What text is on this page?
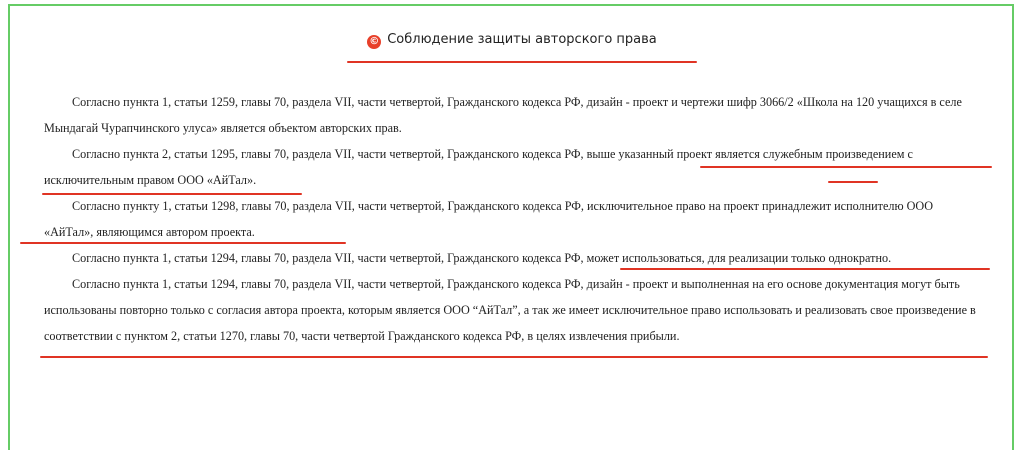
© Соблюдение защиты авторского права

Согласно пункта 1, статьи 1259, главы 70, раздела VII, части четвертой, Гражданского кодекса РФ, дизайн - проект и чертежи шифр 3066/2 «Школа на 120 учащихся в селе Мындагай Чурапчинского улуса» является объектом авторских прав.

Согласно пункта 2, статьи 1295, главы 70, раздела VII, части четвертой, Гражданского кодекса РФ, выше указанный проект является служебным произведением с исключительным правом ООО «АйТал».

Согласно пункту 1, статьи 1298, главы 70, раздела VII, части четвертой, Гражданского кодекса РФ, исключительное право на проект принадлежит исполнителю ООО «АйТал», являющимся автором проекта.

Согласно пункта 1, статьи 1294, главы 70, раздела VII, части четвертой, Гражданского кодекса РФ, может использоваться, для реализации только однократно.

Согласно пункта 1, статьи 1294, главы 70, раздела VII, части четвертой, Гражданского кодекса РФ, дизайн - проект и выполненная на его основе документация могут быть использованы повторно только с согласия автора проекта, которым является ООО “АйТал”, а так же имеет исключительное право использовать и реализовать свое произведение в соответствии с пунктом 2, статьи 1270, главы 70, части четвертой Гражданского кодекса РФ, в целях извлечения прибыли.
